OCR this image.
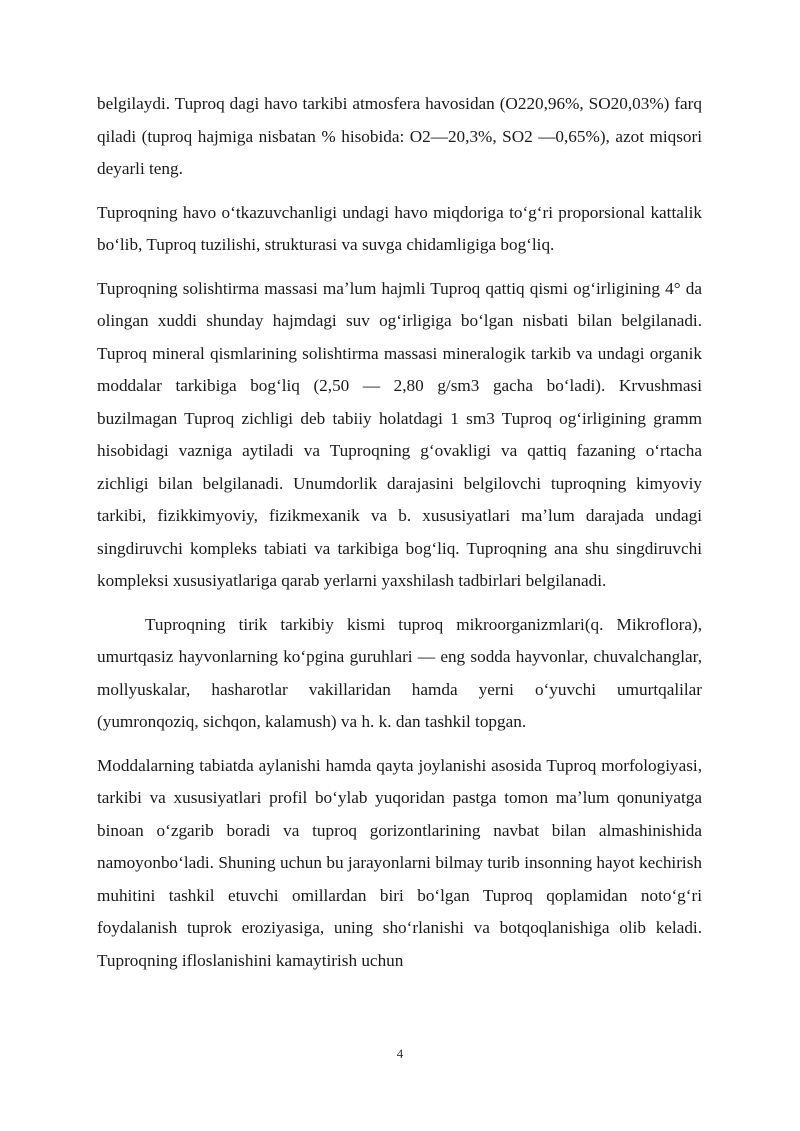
belgilaydi. Tuproq dagi havo tarkibi atmosfera havosidan (O220,96%, SO20,03%) farq qiladi (tuproq hajmiga nisbatan % hisobida: O2—20,3%, SO2 —0,65%), azot miqsori deyarli teng.

Tuproqning havo oʻtkazuvchanligi undagi havo miqdoriga toʻgʻri proporsional kattalik boʻlib, Tuproq tuzilishi, strukturasi va suvga chidamligiga bogʻliq.

Tuproqning solishtirma massasi maʼlum hajmli Tuproq qattiq qismi ogʻirligining 4° da olingan xuddi shunday hajmdagi suv ogʻirligiga boʻlgan nisbati bilan belgilanadi. Tuproq mineral qismlarining solishtirma massasi mineralogik tarkib va undagi organik moddalar tarkibiga bogʻliq (2,50 — 2,80 g/sm3 gacha boʻladi). Krvushmasi buzilmagan Tuproq zichligi deb tabiiy holatdagi 1 sm3 Tuproq ogʻirligining gramm hisobidagi vazniga aytiladi va Tuproqning gʻovakligi va qattiq fazaning oʻrtacha zichligi bilan belgilanadi. Unumdorlik darajasini belgilovchi tuproqning kimyoviy tarkibi, fizikkimyoviy, fizikmexanik va b. xususiyatlari maʼlum darajada undagi singdiruvchi kompleks tabiati va tarkibiga bogʻliq. Tuproqning ana shu singdiruvchi kompleksi xususiyatlariga qarab yerlarni yaxshilash tadbirlari belgilanadi.

Tuproqning tirik tarkibiy kismi tuproq mikroorganizmlari(q. Mikroflora), umurtqasiz hayvonlarning koʻpgina guruhlari — eng sodda hayvonlar, chuvalchanglar, mollyuskalar, hasharotlar vakillaridan hamda yerni oʻyuvchi umurtqalilar (yumronqoziq, sichqon, kalamush) va h. k. dan tashkil topgan.

Moddalarning tabiatda aylanishi hamda qayta joylanishi asosida Tuproq morfologiyasi, tarkibi va xususiyatlari profil boʻylab yuqoridan pastga tomon maʼlum qonuniyatga binoan oʻzgarib boradi va tuproq gorizontlarining navbat bilan almashinishida namoyonboʻladi. Shuning uchun bu jarayonlarni bilmay turib insonning hayot kechirish muhitini tashkil etuvchi omillardan biri boʻlgan Tuproq qoplamidan notoʻgʻri foydalanish tuprok eroziyasiga, uning shoʻrlanishi va botqoqlanishiga olib keladi. Tuproqning ifloslanishini kamaytirish uchun

4
